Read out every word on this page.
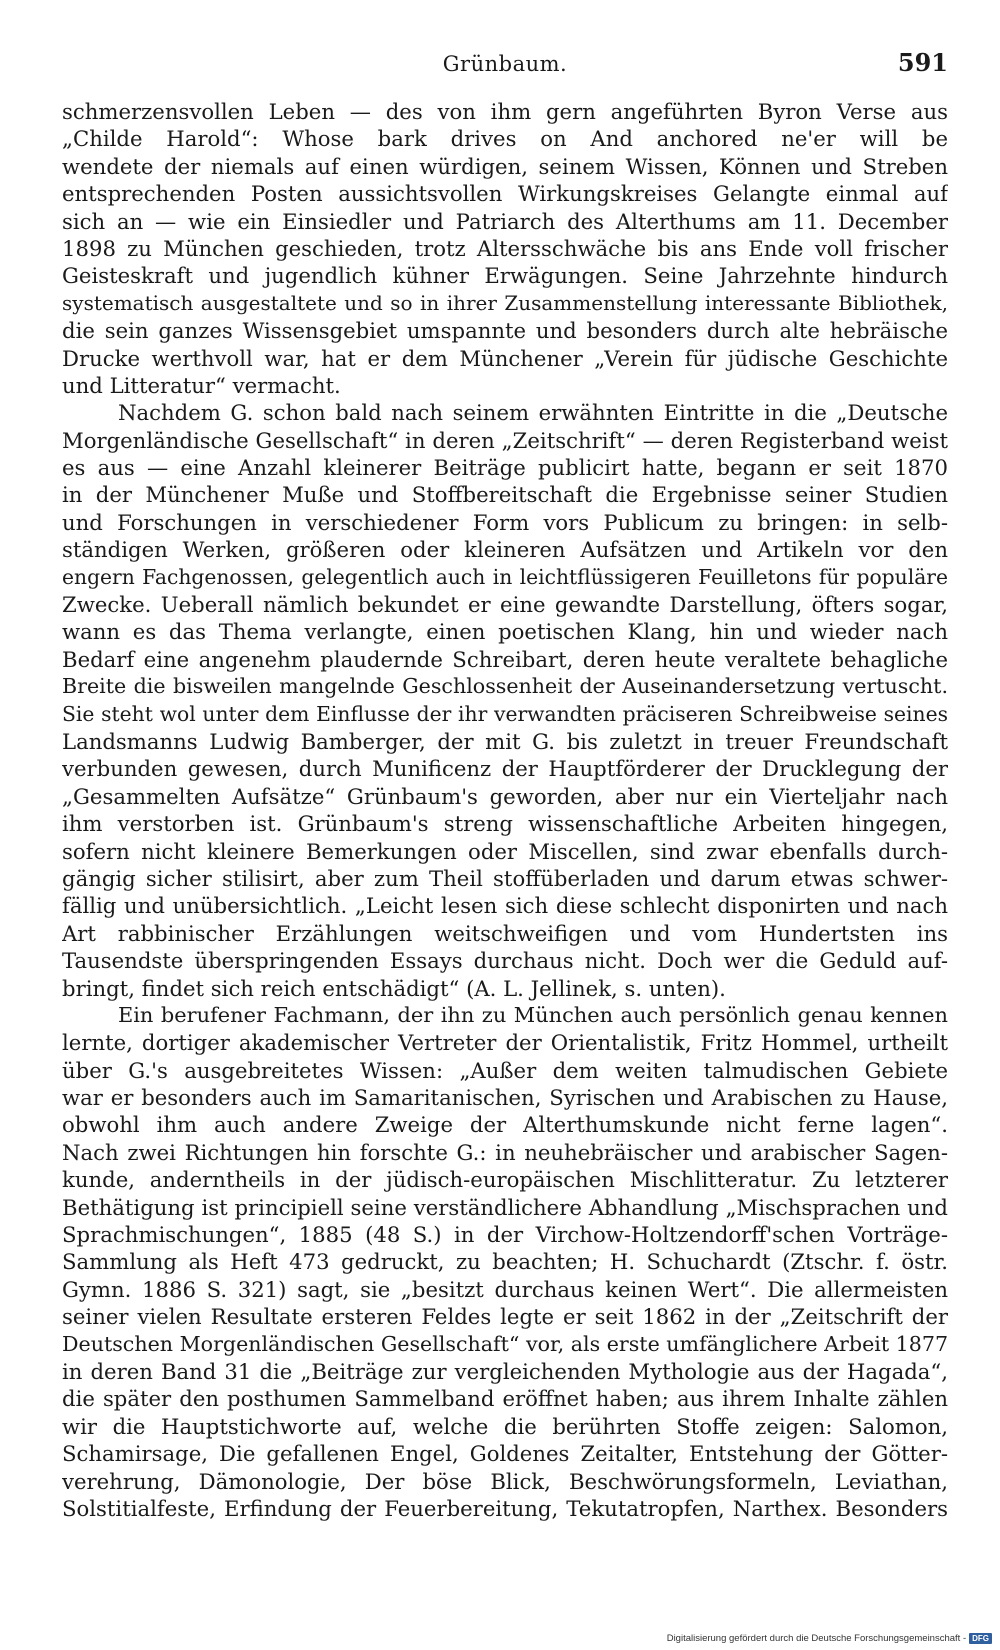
Grünbaum.	591
schmerzensvollen Leben — des von ihm gern angeführten Byron Verse aus
„Childe Harold“: Whose bark drives on And anchored ne'er will be
wendete der niemals auf einen würdigen, seinem Wissen, Können und Streben
entsprechenden Posten aussichtsvollen Wirkungskreises Gelangte einmal auf
sich an — wie ein Einsiedler und Patriarch des Alterthums am 11. December
1898 zu München geschieden, trotz Altersschwäche bis ans Ende voll frischer
Geisteskraft und jugendlich kühner Erwägungen. Seine Jahrzehnte hindurch
systematisch ausgestaltete und so in ihrer Zusammenstellung interessante Bibliothek,
die sein ganzes Wissensgebiet umspannte und besonders durch alte hebräische
Drucke werthvoll war, hat er dem Münchener „Verein für jüdische Geschichte
und Litteratur“ vermacht.
Nachdem G. schon bald nach seinem erwähnten Eintritte in die „Deutsche
Morgenländische Gesellschaft“ in deren „Zeitschrift“ — deren Registerband weist
es aus — eine Anzahl kleinerer Beiträge publicirt hatte, begann er seit 1870
in der Münchener Muße und Stoffbereitschaft die Ergebnisse seiner Studien
und Forschungen in verschiedener Form vors Publicum zu bringen: in selb-
ständigen Werken, größeren oder kleineren Aufsätzen und Artikeln vor den
engern Fachgenossen, gelegentlich auch in leichtflüssigeren Feuilletons für populäre
Zwecke. Ueberall nämlich bekundet er eine gewandte Darstellung, öfters sogar,
wann es das Thema verlangte, einen poetischen Klang, hin und wieder nach
Bedarf eine angenehm plaudernde Schreibart, deren heute veraltete behagliche
Breite die bisweilen mangelnde Geschlossenheit der Auseinandersetzung vertuscht.
Sie steht wol unter dem Einflusse der ihr verwandten präciseren Schreibweise seines
Landsmanns Ludwig Bamberger, der mit G. bis zuletzt in treuer Freundschaft
verbunden gewesen, durch Munificenz der Hauptförderer der Drucklegung der
„Gesammelten Aufsätze“ Grünbaum's geworden, aber nur ein Vierteljahr nach
ihm verstorben ist. Grünbaum's streng wissenschaftliche Arbeiten hingegen,
sofern nicht kleinere Bemerkungen oder Miscellen, sind zwar ebenfalls durch-
gängig sicher stilisirt, aber zum Theil stoffüberladen und darum etwas schwer-
fällig und unübersichtlich. „Leicht lesen sich diese schlecht disponirten und nach
Art rabbinischer Erzählungen weitschweifigen und vom Hundertsten ins
Tausendste überspringenden Essays durchaus nicht. Doch wer die Geduld auf-
bringt, findet sich reich entschädigt“ (A. L. Jellinek, s. unten).
Ein berufener Fachmann, der ihn zu München auch persönlich genau kennen
lernte, dortiger akademischer Vertreter der Orientalistik, Fritz Hommel, urtheilt
über G.'s ausgebreitetes Wissen: „Außer dem weiten talmudischen Gebiete
war er besonders auch im Samaritanischen, Syrischen und Arabischen zu Hause,
obwohl ihm auch andere Zweige der Alterthumskunde nicht ferne lagen“.
Nach zwei Richtungen hin forschte G.: in neuhebräischer und arabischer Sagen-
kunde, anderntheils in der jüdisch-europäischen Mischlitteratur. Zu letzterer
Bethätigung ist principiell seine verständlichere Abhandlung „Mischsprachen und
Sprachmischungen“, 1885 (48 S.) in der Virchow-Holtzendorff'schen Vorträge-
Sammlung als Heft 473 gedruckt, zu beachten; H. Schuchardt (Ztschr. f. östr.
Gymn. 1886 S. 321) sagt, sie „besitzt durchaus keinen Wert“. Die allermeisten
seiner vielen Resultate ersteren Feldes legte er seit 1862 in der „Zeitschrift der
Deutschen Morgenländischen Gesellschaft“ vor, als erste umfänglichere Arbeit 1877
in deren Band 31 die „Beiträge zur vergleichenden Mythologie aus der Hagada“,
die später den posthumen Sammelband eröffnet haben; aus ihrem Inhalte zählen
wir die Hauptstichworte auf, welche die berührten Stoffe zeigen: Salomon,
Schamirsage, Die gefallenen Engel, Goldenes Zeitalter, Entstehung der Götter-
verehrung, Dämonologie, Der böse Blick, Beschwörungsformeln, Leviathan,
Solstitialfeste, Erfindung der Feuerbereitung, Tekutatropfen, Narthex. Besonders
Digitalisierung gefördert durch die Deutsche Forschungsgemeinschaft - DFG
